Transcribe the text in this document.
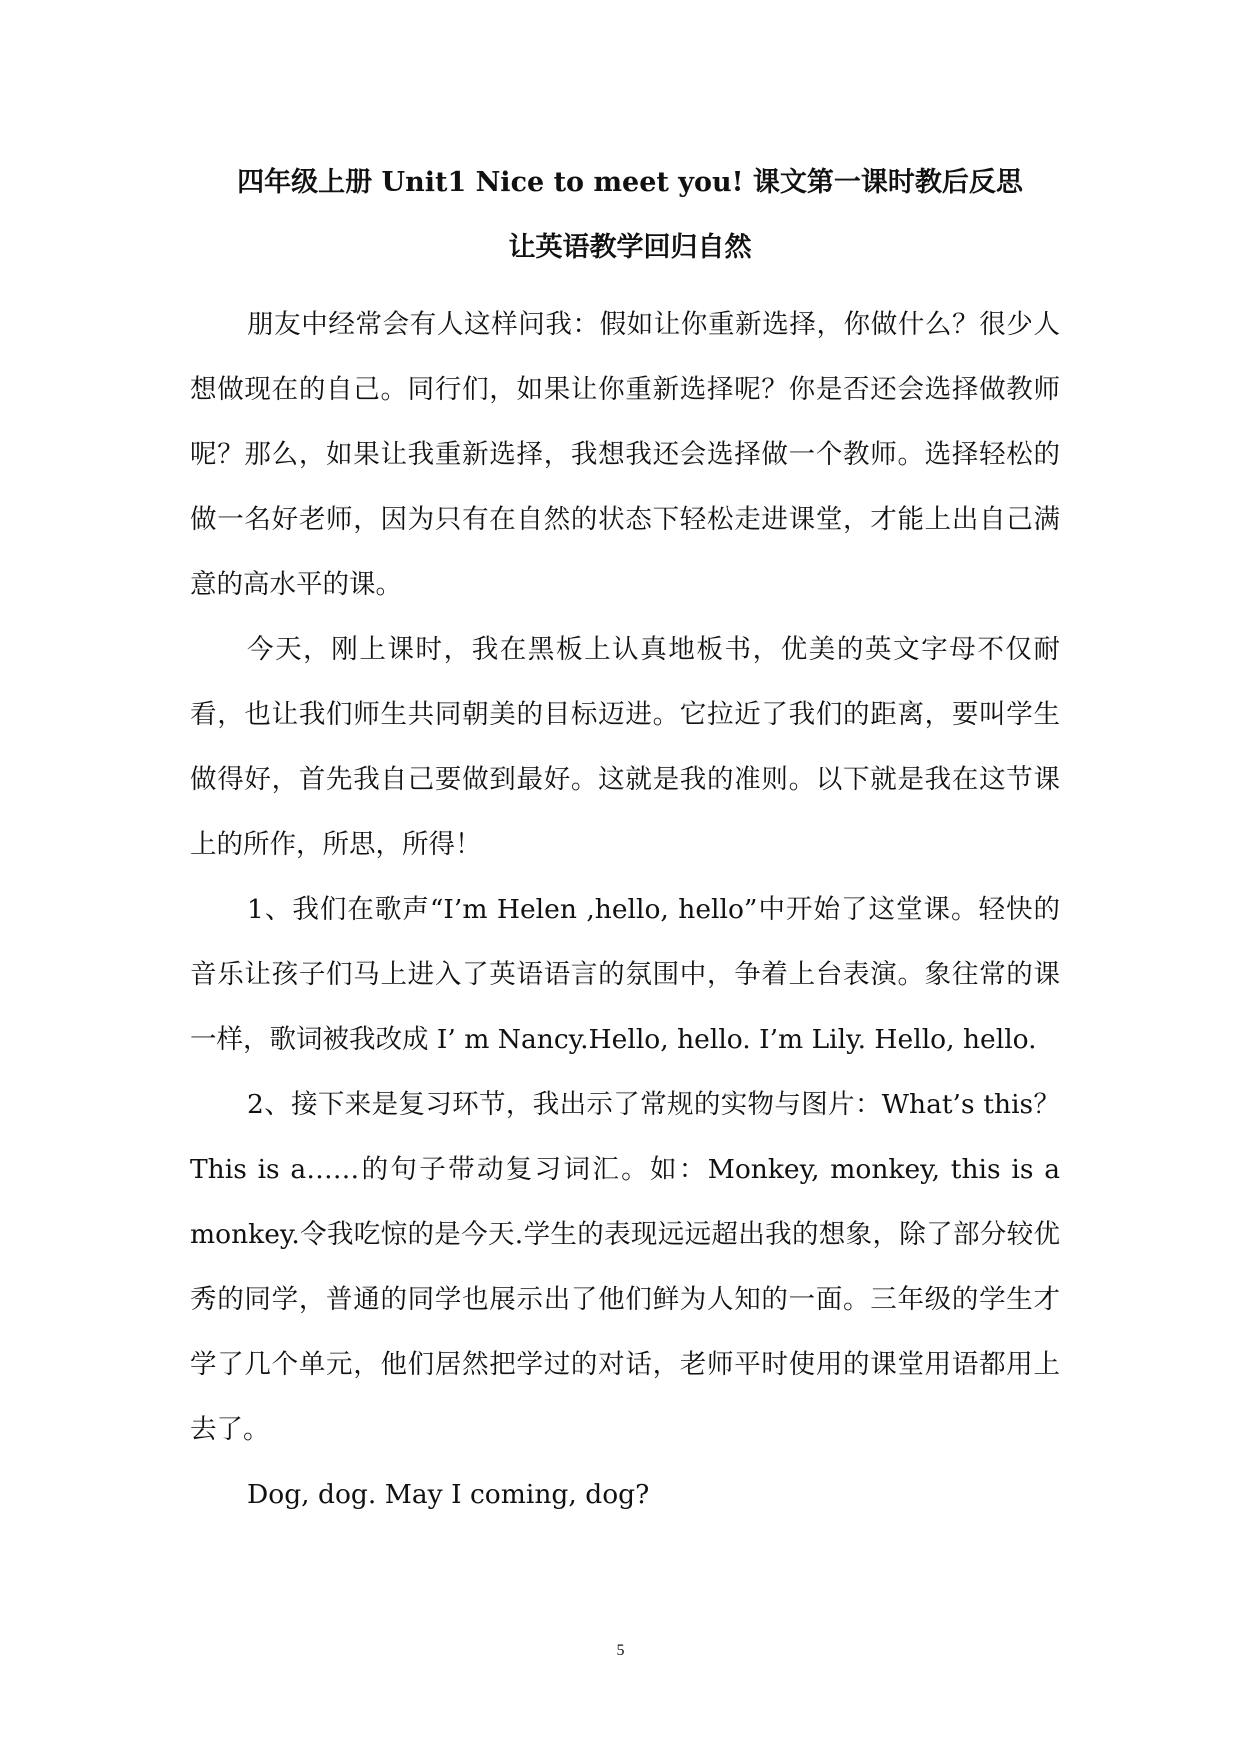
四年级上册 Unit1 Nice to meet you! 课文第一课时教后反思
让英语教学回归自然

朋友中经常会有人这样问我：假如让你重新选择，你做什么？很少人想做现在的自己。同行们，如果让你重新选择呢？你是否还会选择做教师呢？那么，如果让我重新选择，我想我还会选择做一个教师。选择轻松的做一名好老师，因为只有在自然的状态下轻松走进课堂，才能上出自己满意的高水平的课。

今天，刚上课时，我在黑板上认真地板书，优美的英文字母不仅耐看，也让我们师生共同朝美的目标迈进。它拉近了我们的距离，要叫学生做得好，首先我自己要做到最好。这就是我的准则。以下就是我在这节课上的所作，所思，所得！

1、我们在歌声“I’m Helen ,hello, hello”中开始了这堂课。轻快的音乐让孩子们马上进入了英语语言的氛围中，争着上台表演。象往常的课一样，歌词被我改成 I’ m Nancy.Hello, hello. I’m Lily. Hello, hello.

2、接下来是复习环节，我出示了常规的实物与图片：What’s this？ This is a……的句子带动复习词汇。如：Monkey, monkey, this is a monkey.令我吃惊的是今天.学生的表现远远超出我的想象，除了部分较优秀的同学，普通的同学也展示出了他们鲜为人知的一面。三年级的学生才学了几个单元，他们居然把学过的对话，老师平时使用的课堂用语都用上去了。

Dog, dog. May I coming, dog?

5
